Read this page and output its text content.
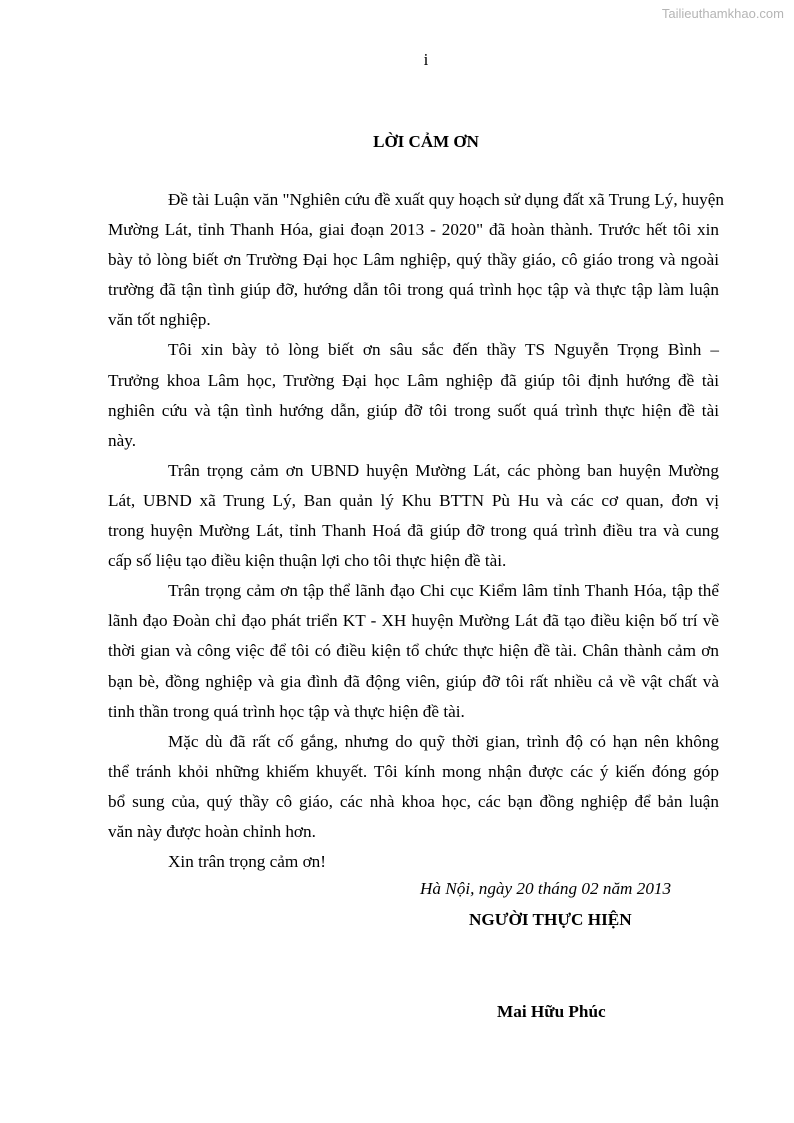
Tailieuthamkhao.com
i
LỜI CẢM ƠN
Đề tài Luận văn "Nghiên cứu đề xuất quy hoạch sử dụng đất xã Trung Lý, huyện
Mường Lát, tỉnh Thanh Hóa, giai đoạn 2013 - 2020" đã hoàn thành. Trước hết tôi xin
bày tỏ lòng biết ơn Trường Đại học Lâm nghiệp, quý thầy giáo, cô giáo trong và ngoài
trường đã tận tình giúp đỡ, hướng dẫn tôi trong quá trình học tập và thực tập làm luận
văn tốt nghiệp.
Tôi xin bày tỏ lòng biết ơn sâu sắc đến thầy TS Nguyễn Trọng Bình –
Trưởng khoa Lâm học, Trường Đại học Lâm nghiệp đã giúp tôi định hướng đề tài
nghiên cứu và tận tình hướng dẫn, giúp đỡ tôi trong suốt quá trình thực hiện đề tài
này.
Trân trọng cảm ơn UBND huyện Mường Lát, các phòng ban huyện Mường
Lát, UBND xã Trung Lý, Ban quản lý Khu BTTN Pù Hu và các cơ quan, đơn vị
trong huyện Mường Lát, tỉnh Thanh Hoá đã giúp đỡ trong quá trình điều tra và cung
cấp số liệu tạo điều kiện thuận lợi cho tôi thực hiện đề tài.
Trân trọng cảm ơn tập thể lãnh đạo Chi cục Kiểm lâm tỉnh Thanh Hóa, tập thể
lãnh đạo Đoàn chỉ đạo phát triển KT - XH huyện Mường Lát đã tạo điều kiện bố trí về
thời gian và công việc để tôi có điều kiện tổ chức thực hiện đề tài. Chân thành cảm ơn
bạn bè, đồng nghiệp và gia đình đã động viên, giúp đỡ tôi rất nhiều cả về vật chất và
tinh thần trong quá trình học tập và thực hiện đề tài.
Mặc dù đã rất cố gắng, nhưng do quỹ thời gian, trình độ có hạn nên không
thể tránh khỏi những khiếm khuyết. Tôi kính mong nhận được các ý kiến đóng góp
bổ sung của, quý thầy cô giáo, các nhà khoa học, các bạn đồng nghiệp để bản luận
văn này được hoàn chỉnh hơn.
Xin trân trọng cảm ơn!
Hà Nội, ngày 20 tháng 02 năm 2013
NGƯỜI THỰC HIỆN
Mai Hữu Phúc
